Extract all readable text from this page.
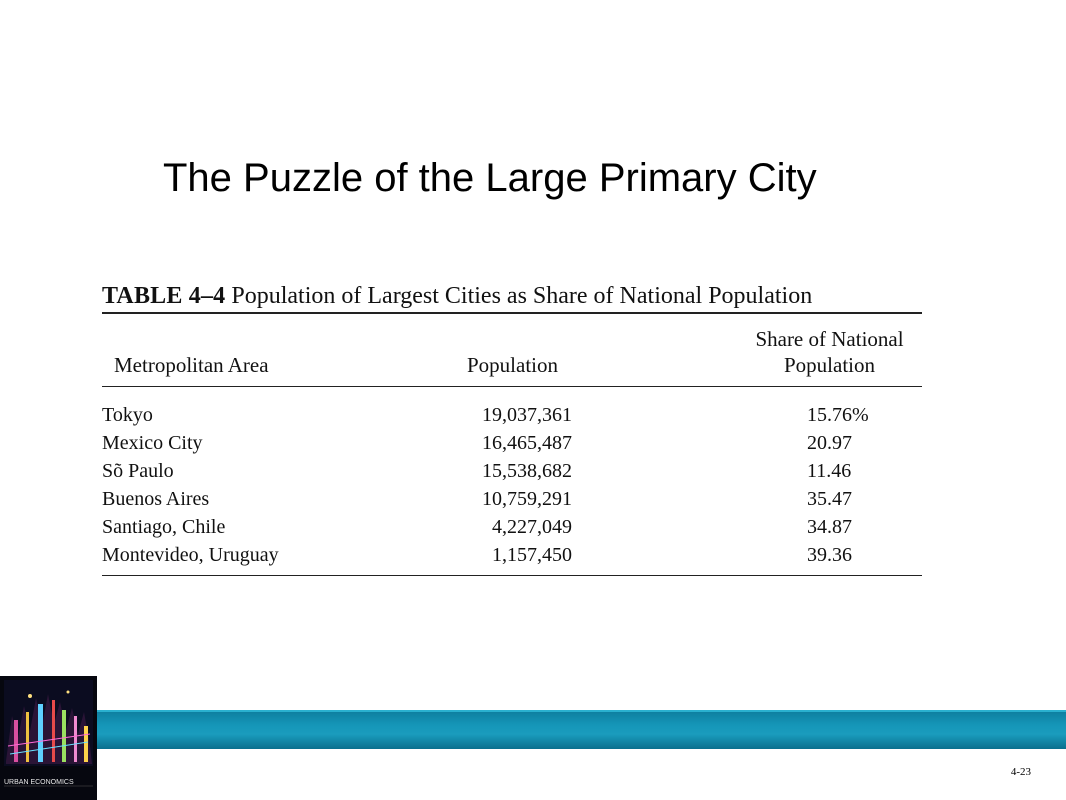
The Puzzle of the Large Primary City
TABLE 4–4 Population of Largest Cities as Share of National Population
Metropolitan Area	Population	Share of National
Population

Tokyo	19,037,361	15.76%
Mexico City	16,465,487	20.97
Sõ Paulo	15,538,682	11.46
Buenos Aires	10,759,291	35.47
Santiago, Chile	4,227,049	34.87
Montevideo, Uruguay	1,157,450	39.36
URBAN ECONOMICS
4-23
